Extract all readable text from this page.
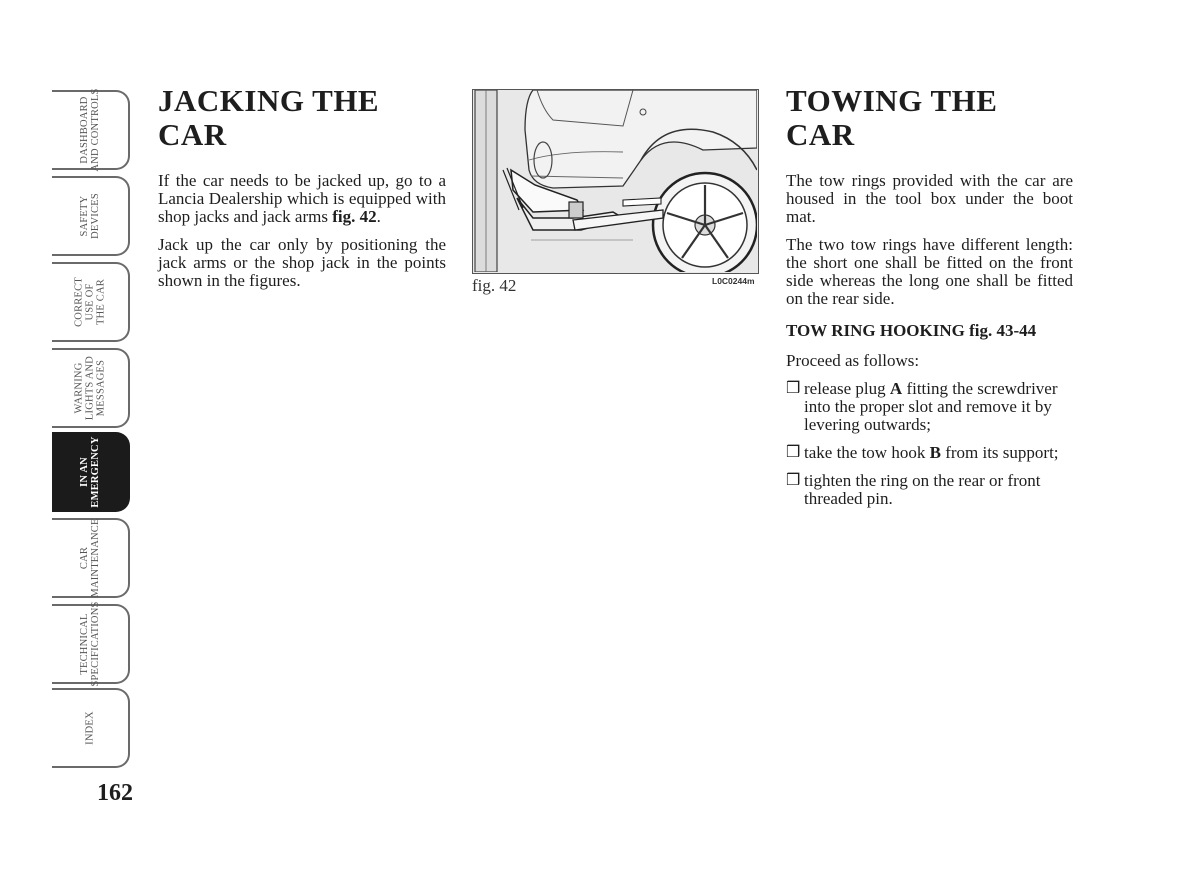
DASHBOARD
AND CONTROLS
SAFETY
DEVICES
CORRECT
USE OF
THE CAR
WARNING
LIGHTS AND
MESSAGES
IN AN
EMERGENCY
CAR
MAINTENANCE
TECHNICAL
SPECIFICATIONS
INDEX
162
JACKING THE CAR

If the car needs to be jacked up, go to a Lancia Dealership which is equipped with shop jacks and jack arms fig. 42.

Jack up the car only by positioning the jack arms or the shop jack in the points shown in the figures.	fig. 42	L0C0244m
TOWING THE CAR

The tow rings provided with the car are housed in the tool box under the boot mat.

The two tow rings have different length: the short one shall be fitted on the front side whereas the long one shall be fitted on the rear side.

TOW RING HOOKING fig. 43-44

Proceed as follows:

❒ release plug A fitting the screwdriver into the proper slot and remove it by levering outwards;
❒ take the tow hook B from its support;
❒ tighten the ring on the rear or front threaded pin.
